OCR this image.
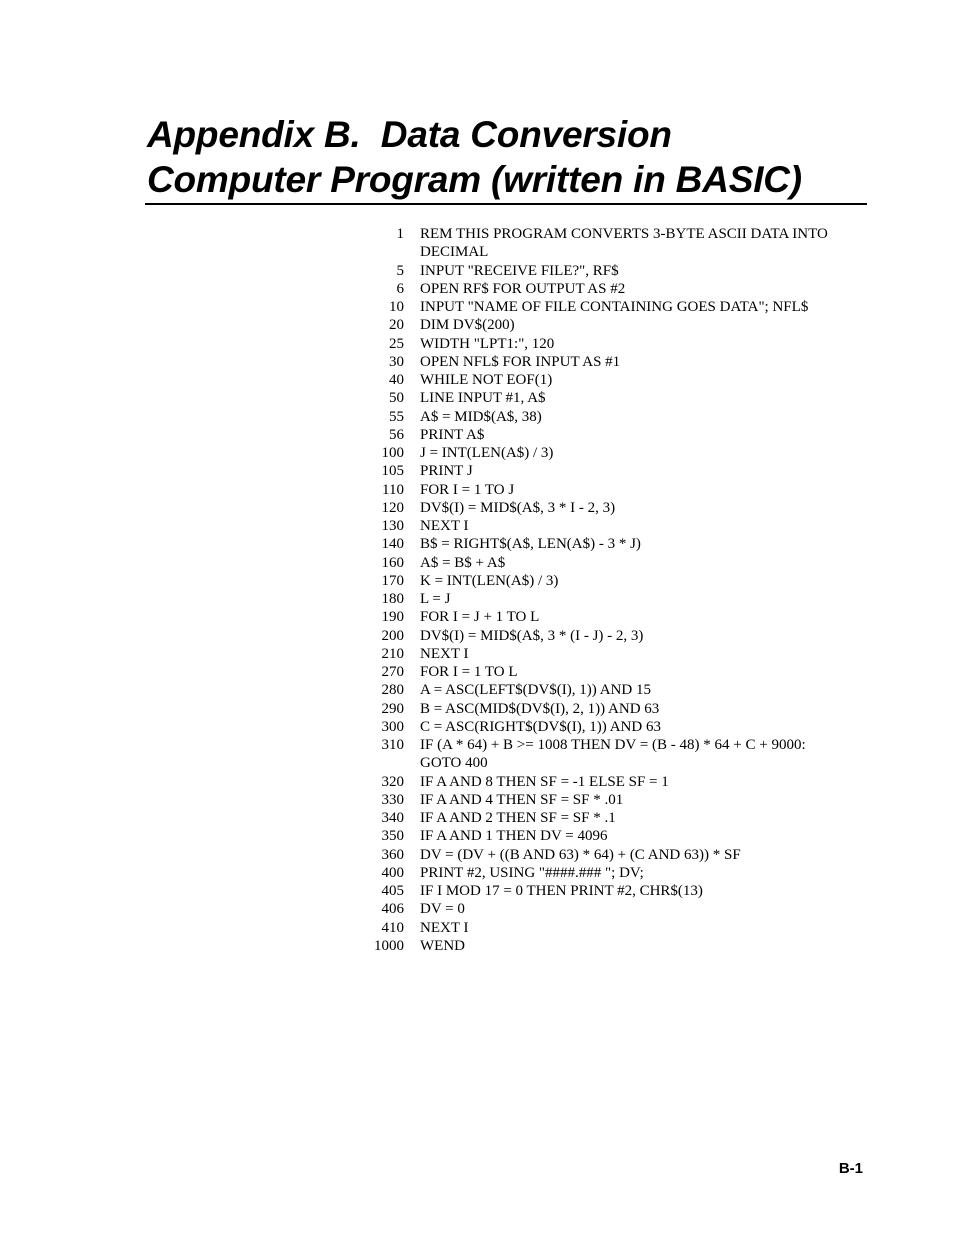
Appendix B.  Data Conversion
Computer Program (written in BASIC)
1 REM THIS PROGRAM CONVERTS 3-BYTE ASCII DATA INTO
DECIMAL
5 INPUT "RECEIVE FILE?", RF$
6 OPEN RF$ FOR OUTPUT AS #2
10 INPUT "NAME OF FILE CONTAINING GOES DATA"; NFL$
20 DIM DV$(200)
25 WIDTH "LPT1:", 120
30 OPEN NFL$ FOR INPUT AS #1
40 WHILE NOT EOF(1)
50 LINE INPUT #1, A$
55 A$ = MID$(A$, 38)
56 PRINT A$
100 J = INT(LEN(A$) / 3)
105 PRINT J
110 FOR I = 1 TO J
120 DV$(I) = MID$(A$, 3 * I - 2, 3)
130 NEXT I
140 B$ = RIGHT$(A$, LEN(A$) - 3 * J)
160 A$ = B$ + A$
170 K = INT(LEN(A$) / 3)
180 L = J
190 FOR I = J + 1 TO L
200 DV$(I) = MID$(A$, 3 * (I - J) - 2, 3)
210 NEXT I
270 FOR I = 1 TO L
280 A = ASC(LEFT$(DV$(I), 1)) AND 15
290 B = ASC(MID$(DV$(I), 2, 1)) AND 63
300 C = ASC(RIGHT$(DV$(I), 1)) AND 63
310 IF (A * 64) + B >= 1008 THEN DV = (B - 48) * 64 + C + 9000:
GOTO 400
320 IF A AND 8 THEN SF = -1 ELSE SF = 1
330 IF A AND 4 THEN SF = SF * .01
340 IF A AND 2 THEN SF = SF * .1
350 IF A AND 1 THEN DV = 4096
360 DV = (DV + ((B AND 63) * 64) + (C AND 63)) * SF
400 PRINT #2, USING "####.### "; DV;
405 IF I MOD 17 = 0 THEN PRINT #2, CHR$(13)
406 DV = 0
410 NEXT I
1000 WEND
B-1
